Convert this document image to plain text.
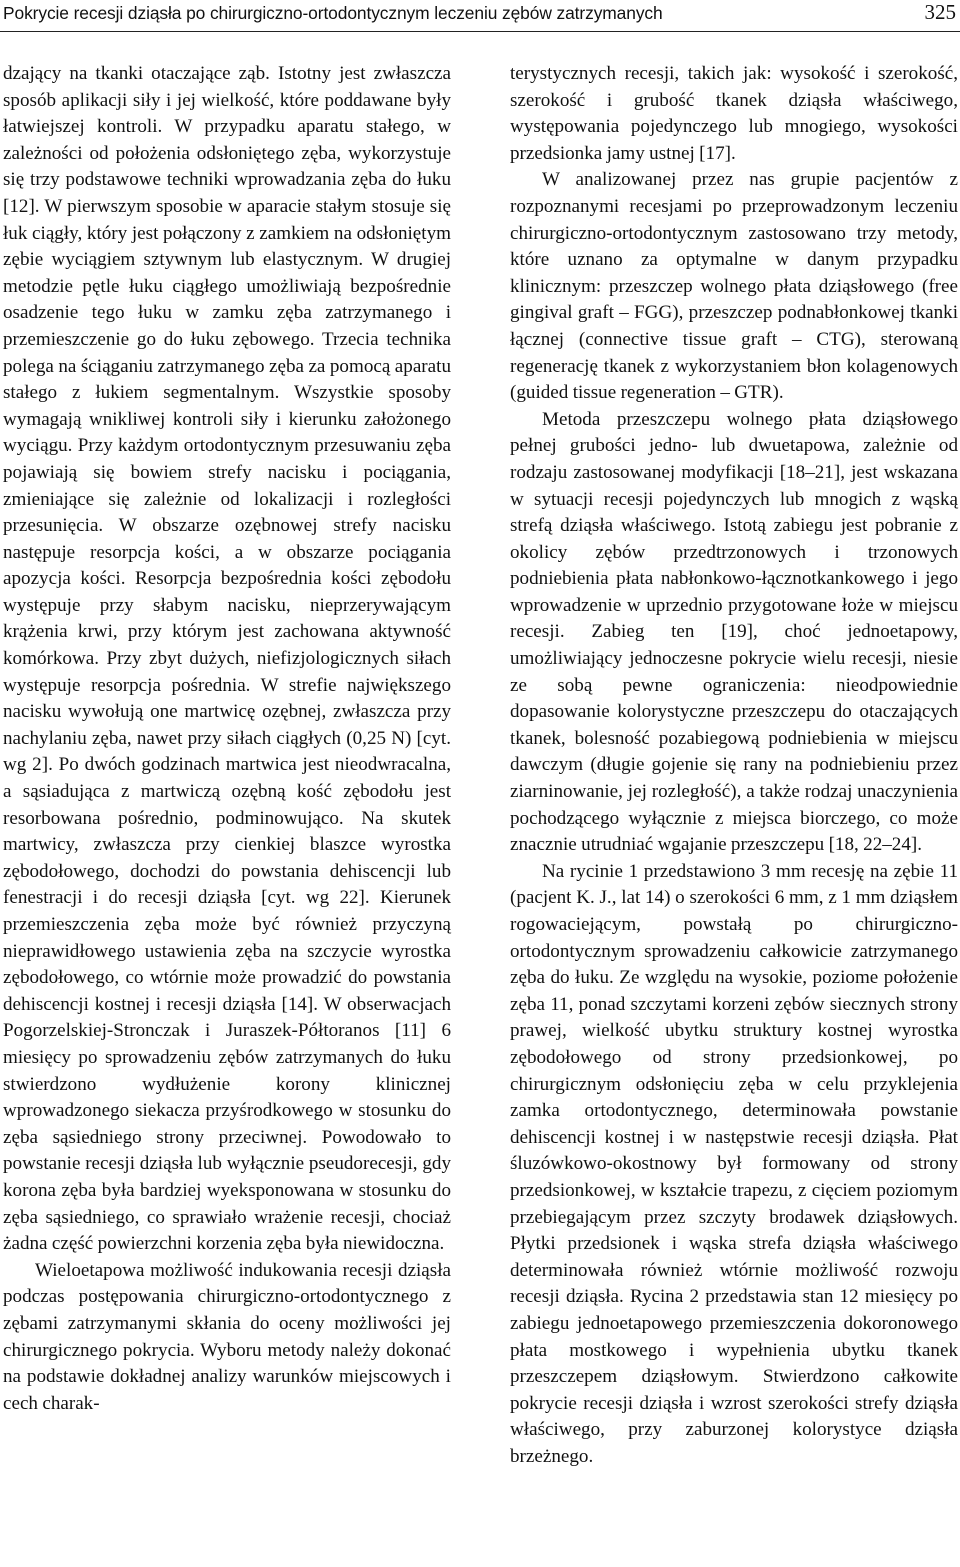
Pokrycie recesji dziąsła po chirurgiczno-ortodontycznym leczeniu zębów zatrzymanych	325

dzający na tkanki otaczające ząb. Istotny jest zwłaszcza sposób aplikacji siły i jej wielkość, które poddawane były łatwiejszej kontroli. W przypadku aparatu stałego, w zależności od położenia odsłoniętego zęba, wykorzystuje się trzy podstawowe techniki wprowadzania zęba do łuku [12]. W pierwszym sposobie w aparacie stałym stosuje się łuk ciągły, który jest połączony z zamkiem na odsłoniętym zębie wyciągiem sztywnym lub elastycznym. W drugiej metodzie pętle łuku ciągłego umożliwiają bezpośrednie osadzenie tego łuku w zamku zęba zatrzymanego i przemieszczenie go do łuku zębowego. Trzecia technika polega na ściąganiu zatrzymanego zęba za pomocą aparatu stałego z łukiem segmentalnym. Wszystkie sposoby wymagają wnikliwej kontroli siły i kierunku założonego wyciągu. Przy każdym ortodontycznym przesuwaniu zęba pojawiają się bowiem strefy nacisku i pociągania, zmieniające się zależnie od lokalizacji i rozległości przesunięcia. W obszarze ozębnowej strefy nacisku następuje resorpcja kości, a w obszarze pociągania apozycja kości. Resorpcja bezpośrednia kości zębodołu występuje przy słabym nacisku, nieprzerywającym krążenia krwi, przy którym jest zachowana aktywność komórkowa. Przy zbyt dużych, niefizjologicznych siłach występuje resorpcja pośrednia. W strefie największego nacisku wywołują one martwicę ozębnej, zwłaszcza przy nachylaniu zęba, nawet przy siłach ciągłych (0,25 N) [cyt. wg 2]. Po dwóch godzinach martwica jest nieodwracalna, a sąsiadująca z martwiczą ozębną kość zębodołu jest resorbowana pośrednio, podminowująco. Na skutek martwicy, zwłaszcza przy cienkiej blaszce wyrostka zębodołowego, dochodzi do powstania dehiscencji lub fenestracji i do recesji dziąsła [cyt. wg 22]. Kierunek przemieszczenia zęba może być również przyczyną nieprawidłowego ustawienia zęba na szczycie wyrostka zębodołowego, co wtórnie może prowadzić do powstania dehiscencji kostnej i recesji dziąsła [14]. W obserwacjach Pogorzelskiej-Stronczak i Juraszek-Półtoranos [11] 6 miesięcy po sprowadzeniu zębów zatrzymanych do łuku stwierdzono wydłużenie korony klinicznej wprowadzonego siekacza przyśrodkowego w stosunku do zęba sąsiedniego strony przeciwnej. Powodowało to powstanie recesji dziąsła lub wyłącznie pseudorecesji, gdy korona zęba była bardziej wyeksponowana w stosunku do zęba sąsiedniego, co sprawiało wrażenie recesji, chociaż żadna część powierzchni korzenia zęba była niewidoczna.

Wieloetapowa możliwość indukowania recesji dziąsła podczas postępowania chirurgiczno-ortodontycznego z zębami zatrzymanymi skłania do oceny możliwości jej chirurgicznego pokrycia. Wyboru metody należy dokonać na podstawie dokładnej analizy warunków miejscowych i cech charak-

terystycznych recesji, takich jak: wysokość i szerokość, szerokość i grubość tkanek dziąsła właściwego, występowania pojedynczego lub mnogiego, wysokości przedsionka jamy ustnej [17].

W analizowanej przez nas grupie pacjentów z rozpoznanymi recesjami po przeprowadzonym leczeniu chirurgiczno-ortodontycznym zastosowano trzy metody, które uznano za optymalne w danym przypadku klinicznym: przeszczep wolnego płata dziąsłowego (free gingival graft – FGG), przeszczep podnabłonkowej tkanki łącznej (connective tissue graft – CTG), sterowaną regenerację tkanek z wykorzystaniem błon kolagenowych (guided tissue regeneration – GTR).

Metoda przeszczepu wolnego płata dziąsłowego pełnej grubości jedno- lub dwuetapowa, zależnie od rodzaju zastosowanej modyfikacji [18–21], jest wskazana w sytuacji recesji pojedynczych lub mnogich z wąską strefą dziąsła właściwego. Istotą zabiegu jest pobranie z okolicy zębów przedtrzonowych i trzonowych podniebienia płata nabłonkowo-łącznotkankowego i jego wprowadzenie w uprzednio przygotowane łoże w miejscu recesji. Zabieg ten [19], choć jednoetapowy, umożliwiający jednoczesne pokrycie wielu recesji, niesie ze sobą pewne ograniczenia: nieodpowiednie dopasowanie kolorystyczne przeszczepu do otaczających tkanek, bolesność pozabiegową podniebienia w miejscu dawczym (długie gojenie się rany na podniebieniu przez ziarninowanie, jej rozległość), a także rodzaj unaczynienia pochodzącego wyłącznie z miejsca biorczego, co może znacznie utrudniać wgajanie przeszczepu [18, 22–24].

Na rycinie 1 przedstawiono 3 mm recesję na zębie 11 (pacjent K. J., lat 14) o szerokości 6 mm, z 1 mm dziąsłem rogowaciejącym, powstałą po chirurgiczno-ortodontycznym sprowadzeniu całkowicie zatrzymanego zęba do łuku. Ze względu na wysokie, poziome położenie zęba 11, ponad szczytami korzeni zębów siecznych strony prawej, wielkość ubytku struktury kostnej wyrostka zębodołowego od strony przedsionkowej, po chirurgicznym odsłonięciu zęba w celu przyklejenia zamka ortodontycznego, determinowała powstanie dehiscencji kostnej i w następstwie recesji dziąsła. Płat śluzówkowo-okostnowy był formowany od strony przedsionkowej, w kształcie trapezu, z cięciem poziomym przebiegającym przez szczyty brodawek dziąsłowych. Płytki przedsionek i wąska strefa dziąsła właściwego determinowała również wtórnie możliwość rozwoju recesji dziąsła. Rycina 2 przedstawia stan 12 miesięcy po zabiegu jednoetapowego przemieszczenia dokoronowego płata mostkowego i wypełnienia ubytku tkanek przeszczepem dziąsłowym. Stwierdzono całkowite pokrycie recesji dziąsła i wzrost szerokości strefy dziąsła właściwego, przy zaburzonej kolorystyce dziąsła brzeżnego.
